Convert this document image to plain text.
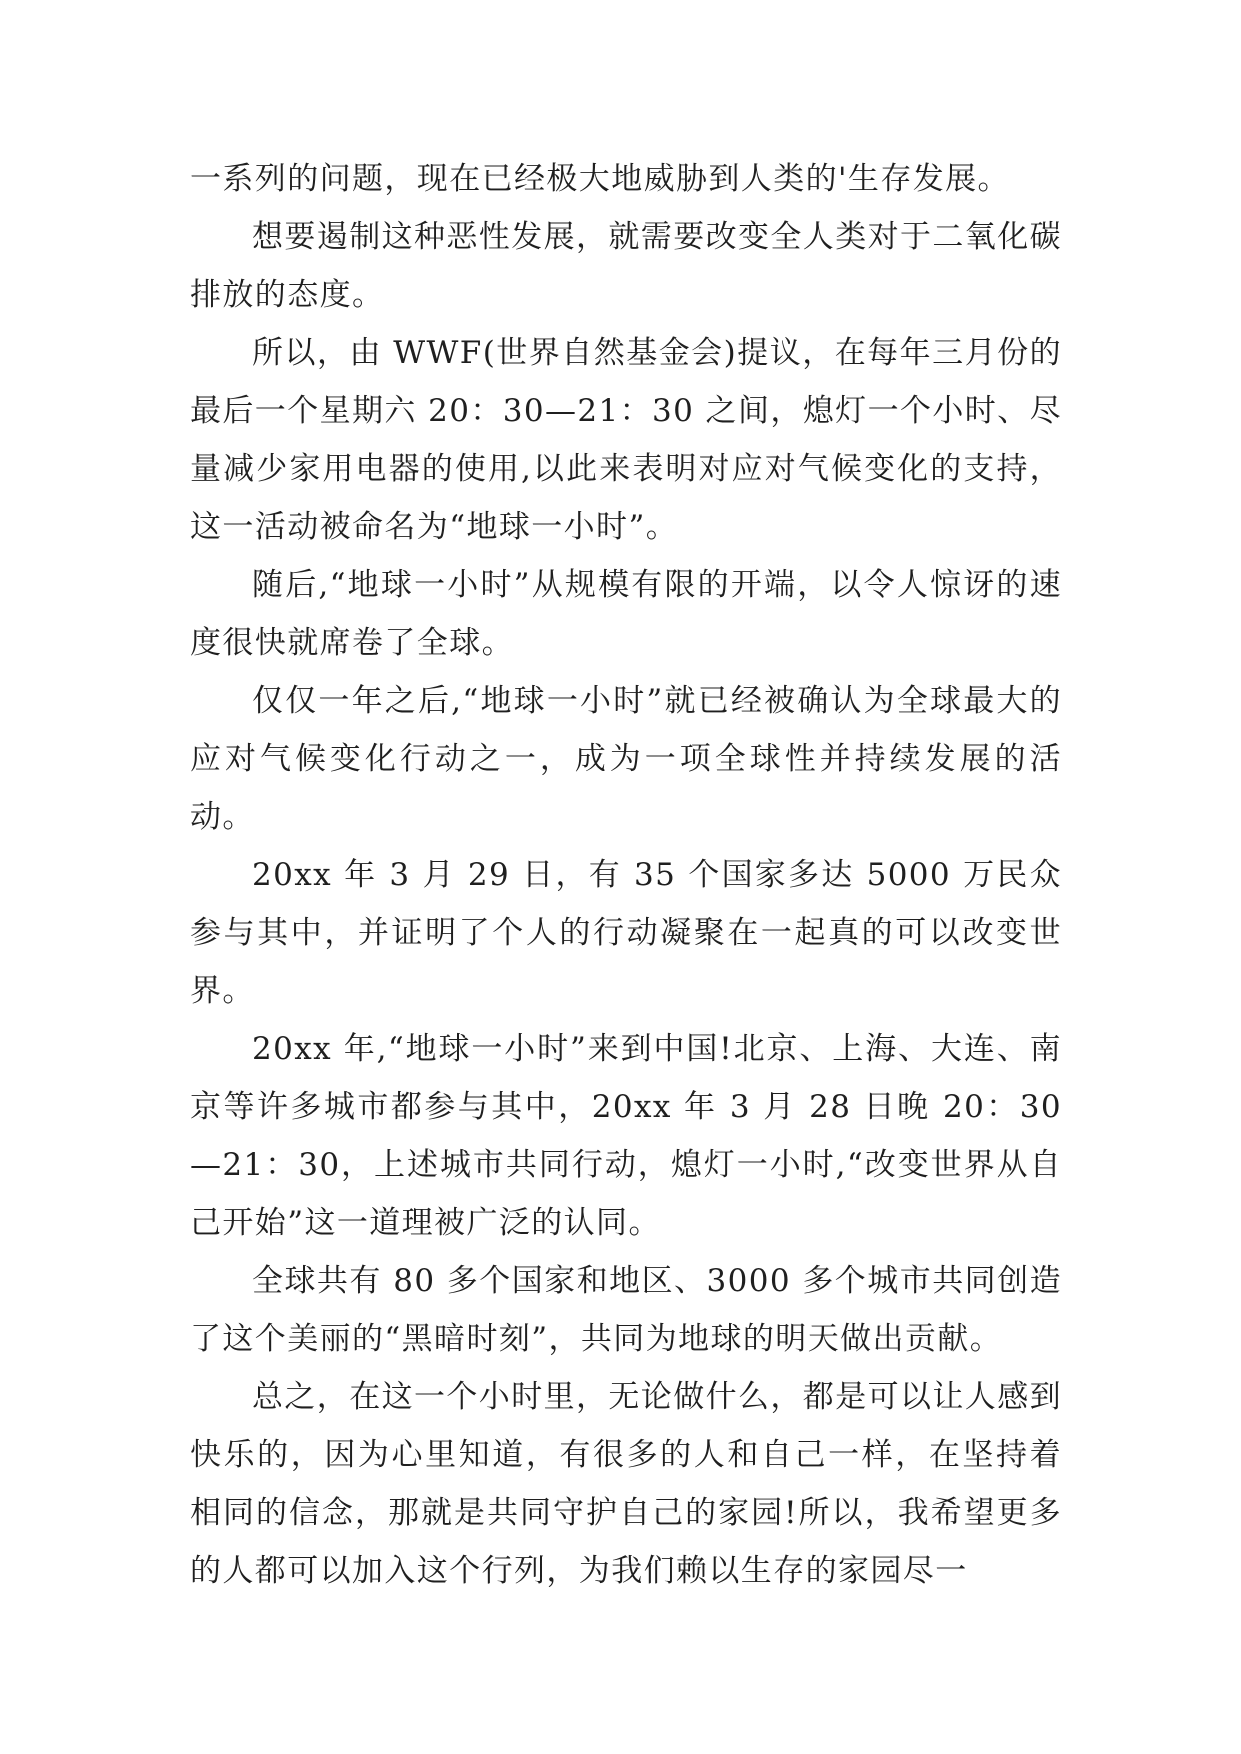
一系列的问题，现在已经极大地威胁到人类的'生存发展。

想要遏制这种恶性发展，就需要改变全人类对于二氧化碳排放的态度。

所以，由 WWF(世界自然基金会)提议，在每年三月份的最后一个星期六 20：30—21：30 之间，熄灯一个小时、尽量减少家用电器的使用,以此来表明对应对气候变化的支持，这一活动被命名为“地球一小时”。

随后,“地球一小时”从规模有限的开端，以令人惊讶的速度很快就席卷了全球。

仅仅一年之后,“地球一小时”就已经被确认为全球最大的应对气候变化行动之一，成为一项全球性并持续发展的活动。

20xx 年 3 月 29 日，有 35 个国家多达 5000 万民众参与其中，并证明了个人的行动凝聚在一起真的可以改变世界。

20xx 年,“地球一小时”来到中国!北京、上海、大连、南京等许多城市都参与其中，20xx 年 3 月 28 日晚 20：30—21：30，上述城市共同行动，熄灯一小时,“改变世界从自己开始”这一道理被广泛的认同。

全球共有 80 多个国家和地区、3000 多个城市共同创造了这个美丽的“黑暗时刻”，共同为地球的明天做出贡献。

总之，在这一个小时里，无论做什么，都是可以让人感到快乐的，因为心里知道，有很多的人和自己一样，在坚持着相同的信念，那就是共同守护自己的家园!所以，我希望更多的人都可以加入这个行列，为我们赖以生存的家园尽一
